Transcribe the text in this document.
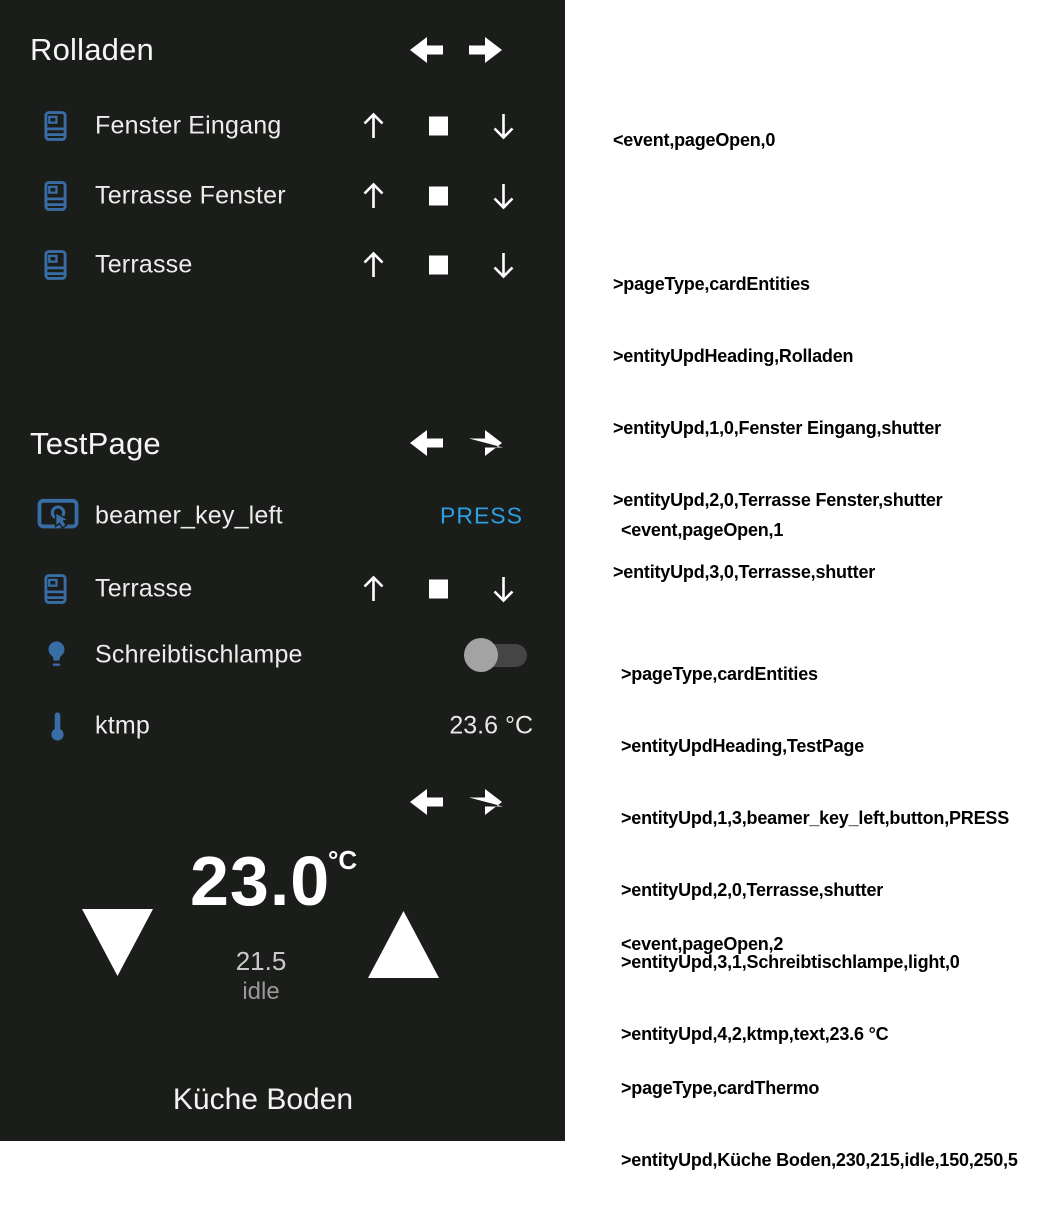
Rolladen
Fenster Eingang
Terrasse Fenster
Terrasse
TestPage
beamer_key_left	PRESS
Terrasse
Schreibtischlampe
ktmp	23.6 °C
23.0
°C
21.5
idle
Küche Boden

<event,pageOpen,0

>pageType,cardEntities

>entityUpdHeading,Rolladen

>entityUpd,1,0,Fenster Eingang,shutter

>entityUpd,2,0,Terrasse Fenster,shutter

>entityUpd,3,0,Terrasse,shutter

<event,pageOpen,1

>pageType,cardEntities

>entityUpdHeading,TestPage

>entityUpd,1,3,beamer_key_left,button,PRESS

>entityUpd,2,0,Terrasse,shutter

>entityUpd,3,1,Schreibtischlampe,light,0

>entityUpd,4,2,ktmp,text,23.6 °C

<event,pageOpen,2

>pageType,cardThermo

>entityUpd,Küche Boden,230,215,idle,150,250,5
